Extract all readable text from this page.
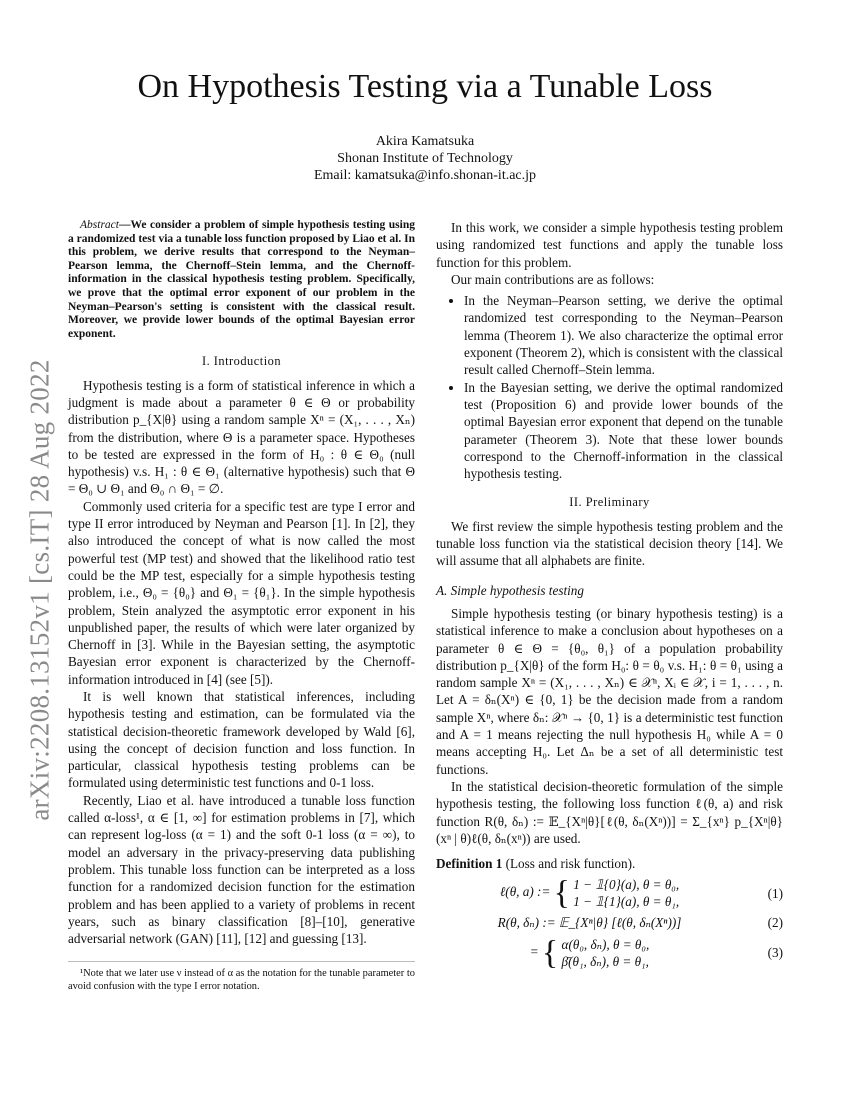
arXiv:2208.13152v1 [cs.IT] 28 Aug 2022
On Hypothesis Testing via a Tunable Loss
Akira Kamatsuka
Shonan Institute of Technology
Email: kamatsuka@info.shonan-it.ac.jp

Abstract—We consider a problem of simple hypothesis testing using a randomized test via a tunable loss function proposed by Liao et al. In this problem, we derive results that correspond to the Neyman–Pearson lemma, the Chernoff–Stein lemma, and the Chernoff-information in the classical hypothesis testing problem. Specifically, we prove that the optimal error exponent of our problem in the Neyman–Pearson's setting is consistent with the classical result. Moreover, we provide lower bounds of the optimal Bayesian error exponent.

I. Introduction

Hypothesis testing is a form of statistical inference in which a judgment is made about a parameter θ ∈ Θ or probability distribution p_{X|θ} using a random sample Xⁿ = (X₁, . . . , Xₙ) from the distribution, where Θ is a parameter space. Hypotheses to be tested are expressed in the form of H₀ : θ ∈ Θ₀ (null hypothesis) v.s. H₁ : θ ∈ Θ₁ (alternative hypothesis) such that Θ = Θ₀ ∪ Θ₁ and Θ₀ ∩ Θ₁ = ∅.

Commonly used criteria for a specific test are type I error and type II error introduced by Neyman and Pearson [1]. In [2], they also introduced the concept of what is now called the most powerful test (MP test) and showed that the likelihood ratio test could be the MP test, especially for a simple hypothesis testing problem, i.e., Θ₀ = {θ₀} and Θ₁ = {θ₁}. In the simple hypothesis problem, Stein analyzed the asymptotic error exponent in his unpublished paper, the results of which were later organized by Chernoff in [3]. While in the Bayesian setting, the asymptotic Bayesian error exponent is characterized by the Chernoff-information introduced in [4] (see [5]).

It is well known that statistical inferences, including hypothesis testing and estimation, can be formulated via the statistical decision-theoretic framework developed by Wald [6], using the concept of decision function and loss function. In particular, classical hypothesis testing problems can be formulated using deterministic test functions and 0-1 loss.

Recently, Liao et al. have introduced a tunable loss function called α-loss¹, α ∈ [1, ∞] for estimation problems in [7], which can represent log-loss (α = 1) and the soft 0-1 loss (α = ∞), to model an adversary in the privacy-preserving data publishing problem. This tunable loss function can be interpreted as a loss function for a randomized decision function for the estimation problem and has been applied to a variety of problems in recent years, such as binary classification [8]–[10], generative adversarial network (GAN) [11], [12] and guessing [13].

¹Note that we later use ν instead of α as the notation for the tunable parameter to avoid confusion with the type I error notation.

In this work, we consider a simple hypothesis testing problem using randomized test functions and apply the tunable loss function for this problem.

Our main contributions are as follows:

• In the Neyman–Pearson setting, we derive the optimal randomized test corresponding to the Neyman–Pearson lemma (Theorem 1). We also characterize the optimal error exponent (Theorem 2), which is consistent with the classical result called Chernoff–Stein lemma.
• In the Bayesian setting, we derive the optimal randomized test (Proposition 6) and provide lower bounds of the optimal Bayesian error exponent that depend on the tunable parameter (Theorem 3). Note that these lower bounds correspond to the Chernoff-information in the classical hypothesis testing.
II. Preliminary

We first review the simple hypothesis testing problem and the tunable loss function via the statistical decision theory [14]. We will assume that all alphabets are finite.

A. Simple hypothesis testing

Simple hypothesis testing (or binary hypothesis testing) is a statistical inference to make a conclusion about hypotheses on a parameter θ ∈ Θ = {θ₀, θ₁} of a population probability distribution p_{X|θ} of the form H₀: θ = θ₀ v.s. H₁: θ = θ₁ using a random sample Xⁿ = (X₁, . . . , Xₙ) ∈ 𝒳ⁿ, Xᵢ ∈ 𝒳, i = 1, . . . , n. Let A = δₙ(Xⁿ) ∈ {0, 1} be the decision made from a random sample Xⁿ, where δₙ: 𝒳ⁿ → {0, 1} is a deterministic test function and A = 1 means rejecting the null hypothesis H₀ while A = 0 means accepting H₀. Let Δₙ be a set of all deterministic test functions.

In the statistical decision-theoretic formulation of the simple hypothesis testing, the following loss function ℓ(θ, a) and risk function R(θ, δₙ) := 𝔼_{Xⁿ|θ}[ℓ(θ, δₙ(Xⁿ))] = Σ_{xⁿ} p_{Xⁿ|θ}(xⁿ | θ)ℓ(θ, δₙ(xⁿ)) are used.

Definition 1 (Loss and risk function).

ℓ(θ, a) := { 1 − 𝟙{0}(a), θ = θ₀,
1 − 𝟙{1}(a), θ = θ₁,
(1)
R(θ, δₙ) := 𝔼_{Xⁿ|θ} [ℓ(θ, δₙ(Xⁿ))]	(2)
= { α(θ₀, δₙ), θ = θ₀,
β̄(θ₁, δₙ), θ = θ₁,
(3)
